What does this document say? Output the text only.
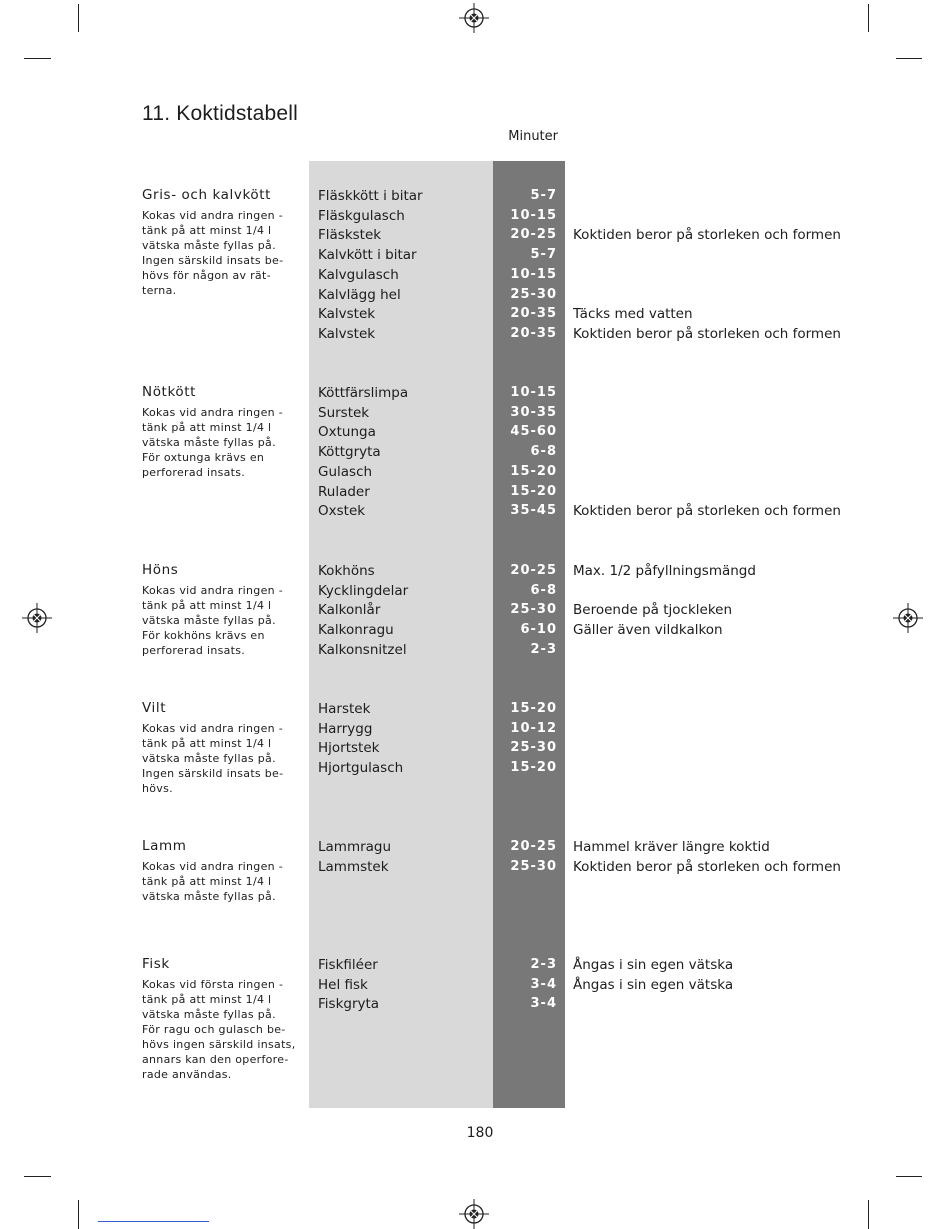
11. Koktidstabell
Minuter
Gris- och kalvkött
Kokas vid andra ringen -
tänk på att minst 1/4 l
vätska måste fyllas på.
Ingen särskild insats be-
hövs för någon av rät-
terna.
Fläskkött i bitar	5-7
Fläskgulasch	10-15
Fläskstek	20-25 Koktiden beror på storleken och formen
Kalvkött i bitar	5-7
Kalvgulasch	10-15
Kalvlägg hel	25-30
Kalvstek	20-35 Täcks med vatten
Kalvstek	20-35 Koktiden beror på storleken och formen
Nötkött
Kokas vid andra ringen -
tänk på att minst 1/4 l
vätska måste fyllas på.
För oxtunga krävs en
perforerad insats.
Köttfärslimpa	10-15
Surstek	30-35
Oxtunga	45-60
Köttgryta	6-8
Gulasch	15-20
Rulader	15-20
Oxstek	35-45 Koktiden beror på storleken och formen
Höns
Kokas vid andra ringen -
tänk på att minst 1/4 l
vätska måste fyllas på.
För kokhöns krävs en
perforerad insats.
Kokhöns	20-25 Max. 1/2 påfyllningsmängd
Kycklingdelar	6-8
Kalkonlår	25-30 Beroende på tjockleken
Kalkonragu	6-10 Gäller även vildkalkon
Kalkonsnitzel	2-3
Vilt
Kokas vid andra ringen -
tänk på att minst 1/4 l
vätska måste fyllas på.
Ingen särskild insats be-
hövs.
Harstek	15-20
Harrygg	10-12
Hjortstek	25-30
Hjortgulasch	15-20
Lamm
Kokas vid andra ringen -
tänk på att minst 1/4 l
vätska måste fyllas på.
Lammragu	20-25 Hammel kräver längre koktid
Lammstek	25-30 Koktiden beror på storleken och formen
Fisk
Kokas vid första ringen -
tänk på att minst 1/4 l
vätska måste fyllas på.
För ragu och gulasch be-
hövs ingen särskild insats,
annars kan den operfore-
rade användas.
Fiskfiléer	2-3 Ångas i sin egen vätska
Hel fisk	3-4 Ångas i sin egen vätska
Fiskgryta	3-4
180
